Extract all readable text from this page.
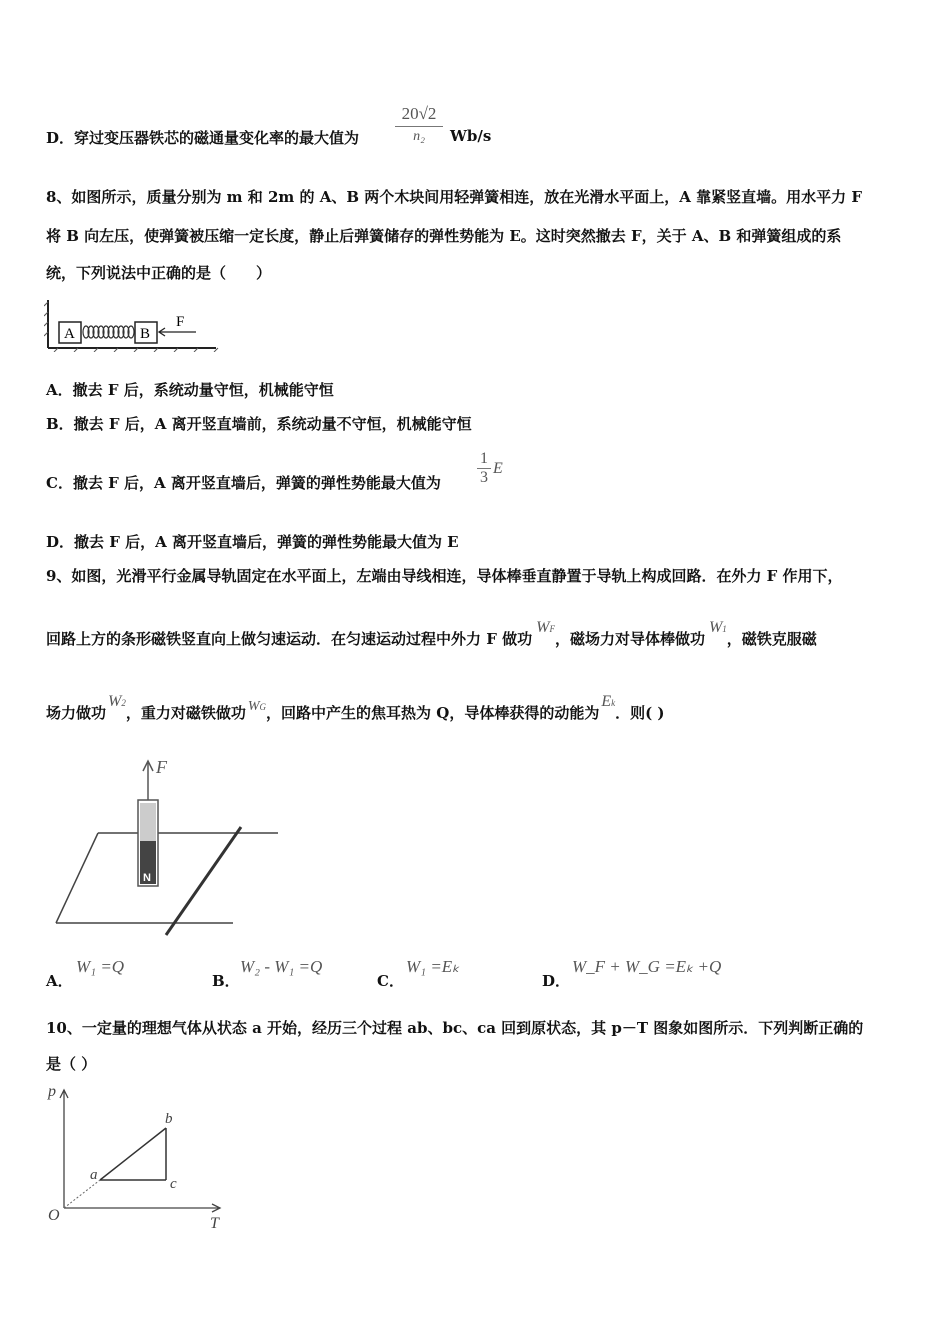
D．穿过变压器铁芯的磁通量变化率的最大值为
20√2
n₂	Wb/s
8、如图所示，质量分别为 m 和 2m 的 A、B 两个木块间用轻弹簧相连，放在光滑水平面上，A 靠紧竖直墙。用水平力 F
将 B 向左压，使弹簧被压缩一定长度，静止后弹簧储存的弹性势能为 E。这时突然撤去 F，关于 A、B 和弹簧组成的系
统，下列说法中正确的是（　　）
A	B
F
A．撤去 F 后，系统动量守恒，机械能守恒
B．撤去 F 后，A 离开竖直墙前，系统动量不守恒，机械能守恒
C．撤去 F 后，A 离开竖直墙后，弹簧的弹性势能最大值为
1
3
E
D．撤去 F 后，A 离开竖直墙后，弹簧的弹性势能最大值为 E
9、如图，光滑平行金属导轨固定在水平面上，左端由导线相连，导体棒垂直静置于导轨上构成回路．在外力 F 作用下，
回路上方的条形磁铁竖直向上做匀速运动．在匀速运动过程中外力 F 做功WF，磁场力对导体棒做功W1，磁铁克服磁
场力做功W2，重力对磁铁做功 WG，回路中产生的焦耳热为 Q，导体棒获得的动能为Ek．则( )
N
F
A．
W₁ =Q
B．
W₂ - W₁ =Q
C．
W₁ =Eₖ
D．
W_F + W_G =Eₖ +Q
10、一定量的理想气体从状态 a 开始，经历三个过程 ab、bc、ca 回到原状态，其 p－T 图象如图所示．下列判断正确的
是（ ）
p
T
O
a
b
c
